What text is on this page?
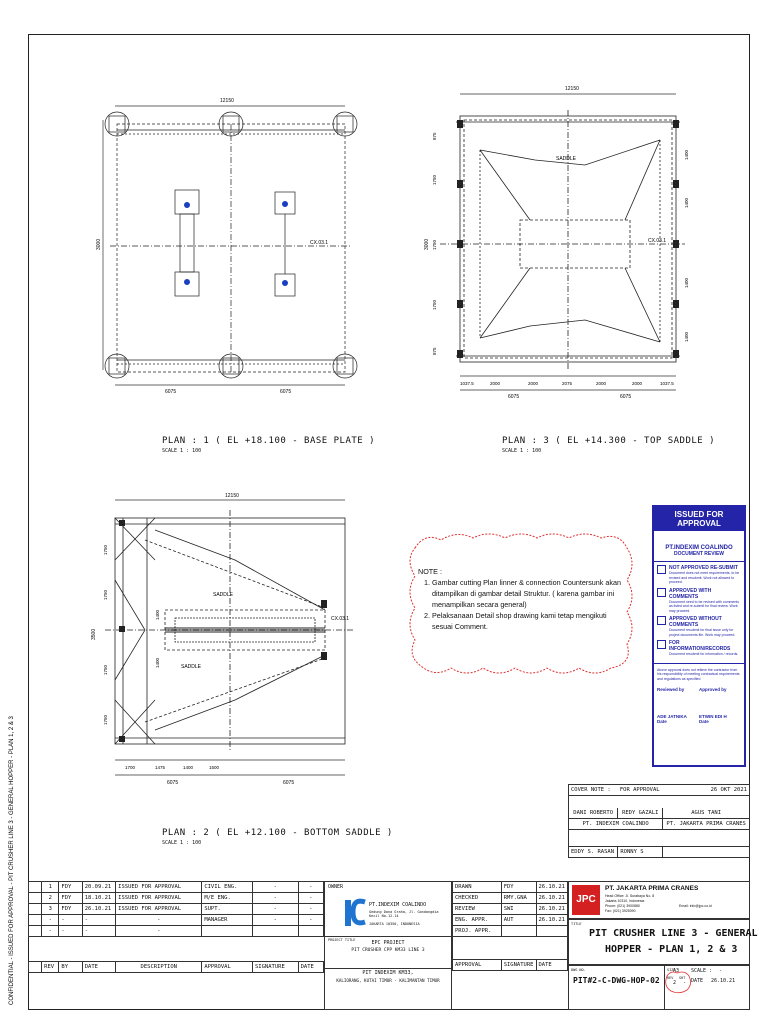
CONFIDENTIAL - ISSUED FOR APPROVAL - PIT CRUSHER LINE 3 - GENERAL HOPPER - PLAN 1, 2 & 3
12150
3000	CX.03.1
6075	6075
PLAN : 1 ( EL +18.100 - BASE PLATE )
SCALE 1 : 100
12150
SADDLE
CX.03.1
3000
875
1750
1750
1750
875
1400
1400
1400
1400
1037.5	2000	2000	2075	2000	2000	1037.5
6075	6075
PLAN : 3 ( EL +14.300 - TOP SADDLE )
SCALE 1 : 100
12150
SADDLE
SADDLE
CX.03.1
3500
1750
1750
1750
1750
1400
1400
1700	1475	1400	1500
6075	6075
PLAN : 2 ( EL +12.100 - BOTTOM SADDLE )
SCALE 1 : 100
NOTE :
1. Gambar cutting Plan linner & connection Countersunk akan ditampilkan di gambar detail Struktur. ( karena gambar ini menampilkan secara general)
2. Pelaksanaan Detail shop drawing kami tetap mengikuti sesuai Comment.
ISSUED FOR APPROVAL
PT.INDEXIM COALINDO
DOCUMENT REVIEW
NOT APPROVED RE-SUBMIT
Document does not meet requirements, to be revised and resubmit. Work not allowed to proceed.
APPROVED WITH COMMENTS
Document need to be revised with comments as listed and re-submit for final review. Work may proceed.
APPROVED WITHOUT COMMENTS
Document resubmit for final issue only for project documents file. Work may proceed.
FOR INFORMATION/RECORDS
Document resubmit for information / records.
Above approval does not relieve the contractor from his responsibility of meeting contractual requirements and regulations as specified
Reviewed by	Approved by
ADE JATNIKA	ETWIN EDI H
Date	Date
COVER NOTE :	FOR APPROVAL	26 OKT 2021

DANI ROBERTO	REDY GAZALI	AGUS TANI
PT. INDEXIM COALINDO		PT. JAKARTA PRIMA CRANES

EDDY S. RASAN	RONNY S	
	1	FDY	20.09.21	ISSUED FOR APPROVAL	CIVIL ENG.	-	-
	2	FDY	18.10.21	ISSUED FOR APPROVAL	M/E ENG.	-	-
	3	FDY	26.10.21	ISSUED FOR APPROVAL	SUPT.	-	-
	-	-	-	-	MANAGER	-	-
	-	-	-	-			

	REV	BY	DATE	DESCRIPTION	APPROVAL	SIGNATURE	DATE
OWNER
PT.INDEXIM COALINDO
Gedung Dana Graha, Jl. Gondangdia Kecil No.12-14
JAKARTA 10350, INDONESIA
PROJECT TITLE	EPC PROJECT
PIT CRUSHER CPP KM33 LINE 3
PIT INDEXIM KM33,
KALIORANG, KUTAI TIMUR - KALIMANTAN TIMUR
DRAWN	FDY	26.10.21
CHECKED	RMY.GNA	26.10.21
REVIEW	SWI	26.10.21
ENG. APPR.	AUT	26.10.21
PROJ. APPR.		

APPROVAL	SIGNATURE	DATE
JPC
PT. JAKARTA PRIMA CRANES
Head Office: Jl. Surabaya No. 8
Jakarta 10310, Indonesia
Phone: (021) 3900880
Fax: (021) 3925090
Email: info@jpc.co.id
TITLE
PIT CRUSHER LINE 3 - GENERAL
HOPPER - PLAN 1, 2 & 3
DWG NO.
PIT#2-C-DWG-HOP-02
SIZE
A3 SCALE : -
REV
2
SHT
- DATE 26.10.21
